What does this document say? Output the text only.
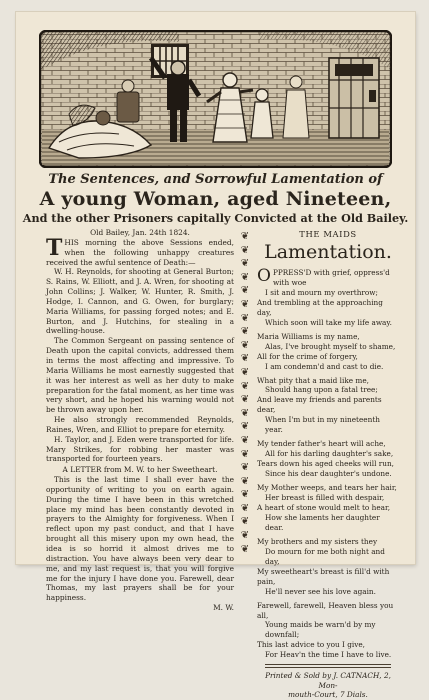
The Sentences, and Sorrowful Lamentation of
A young Woman, aged Nineteen,
And the other Prisoners capitally Convicted at the Old Bailey.

Old Bailey, Jan. 24th 1824.

THIS morning the above Sessions ended, when the following unhappy creatures received the awful sentence of Death:—

W. H. Reynolds, for shooting at General Burton; S. Rains, W. Elliott, and J. A. Wren, for shooting at John Collins; J. Walker, W. Hunter, R. Smith, J. Hodge, I. Cannon, and G. Owen, for burglary; Maria Williams, for passing forged notes; and E. Burton, and J. Hutchins, for stealing in a dwelling-house.

The Common Sergeant on passing sentence of Death upon the capital convicts, addressed them in terms the most affecting and impressive. To Maria Williams he most earnestly suggested that it was her interest as well as her duty to make preparation for the fatal moment, as her time was very short, and he hoped his warning would not be thrown away upon her.

He also strongly recommended Reynolds, Raines, Wren, and Elliot to prepare for eternity.

H. Taylor, and J. Eden were transported for life. Mary Strikes, for robbing her master was transported for fourteen years.

A LETTER from M. W. to her Sweetheart.

This is the last time I shall ever have the opportunity of writing to you on earth again. During the time I have been in this wretched place my mind has been constantly devoted in prayers to the Almighty for forgiveness. When I reflect upon my past conduct, and that I have brought all this misery upon my own head, the idea is so horrid it almost drives me to distraction. You have always been very dear to me, and my last request is, that you will forgive me for the injury I have done you. Farewell, dear Thomas, my last prayers shall be for your happiness.

M. W.

❦
❦
❦
❦
❦
❦
❦
❦
❦
❦
❦
❦
❦
❦
❦
❦
❦
❦
❦
❦
❦
❦
❦
❦

THE MAIDS

Lamentation.

OPPRESS'D with grief, oppress'd with woe
I sit and mourn my overthrow;
And trembling at the approaching day,
Which soon will take my life away.

Maria Williams is my name,
Alas, I've brought myself to shame,
All for the crime of forgery,
I am condemn'd and cast to die.

What pity that a maid like me,
Should hang upon a fatal tree;
And leave my friends and parents dear,
When I'm but in my nineteenth year.

My tender father's heart will ache,
All for his darling daughter's sake,
Tears down his aged cheeks will run,
Since his dear daughter's undone.

My Mother weeps, and tears her hair,
Her breast is filled with despair,
A heart of stone would melt to hear,
How she laments her daughter dear.

My brothers and my sisters they
Do mourn for me both night and day,
My sweetheart's breast is fill'd with pain,
He'll never see his love again.

Farewell, farewell, Heaven bless you all,
Young maids be warn'd by my downfall;
This last advice to you I give,
For Heav'n the time I have to live.

Printed & Sold by J. CATNACH, 2, Mon-

mouth-Court, 7 Dials.
